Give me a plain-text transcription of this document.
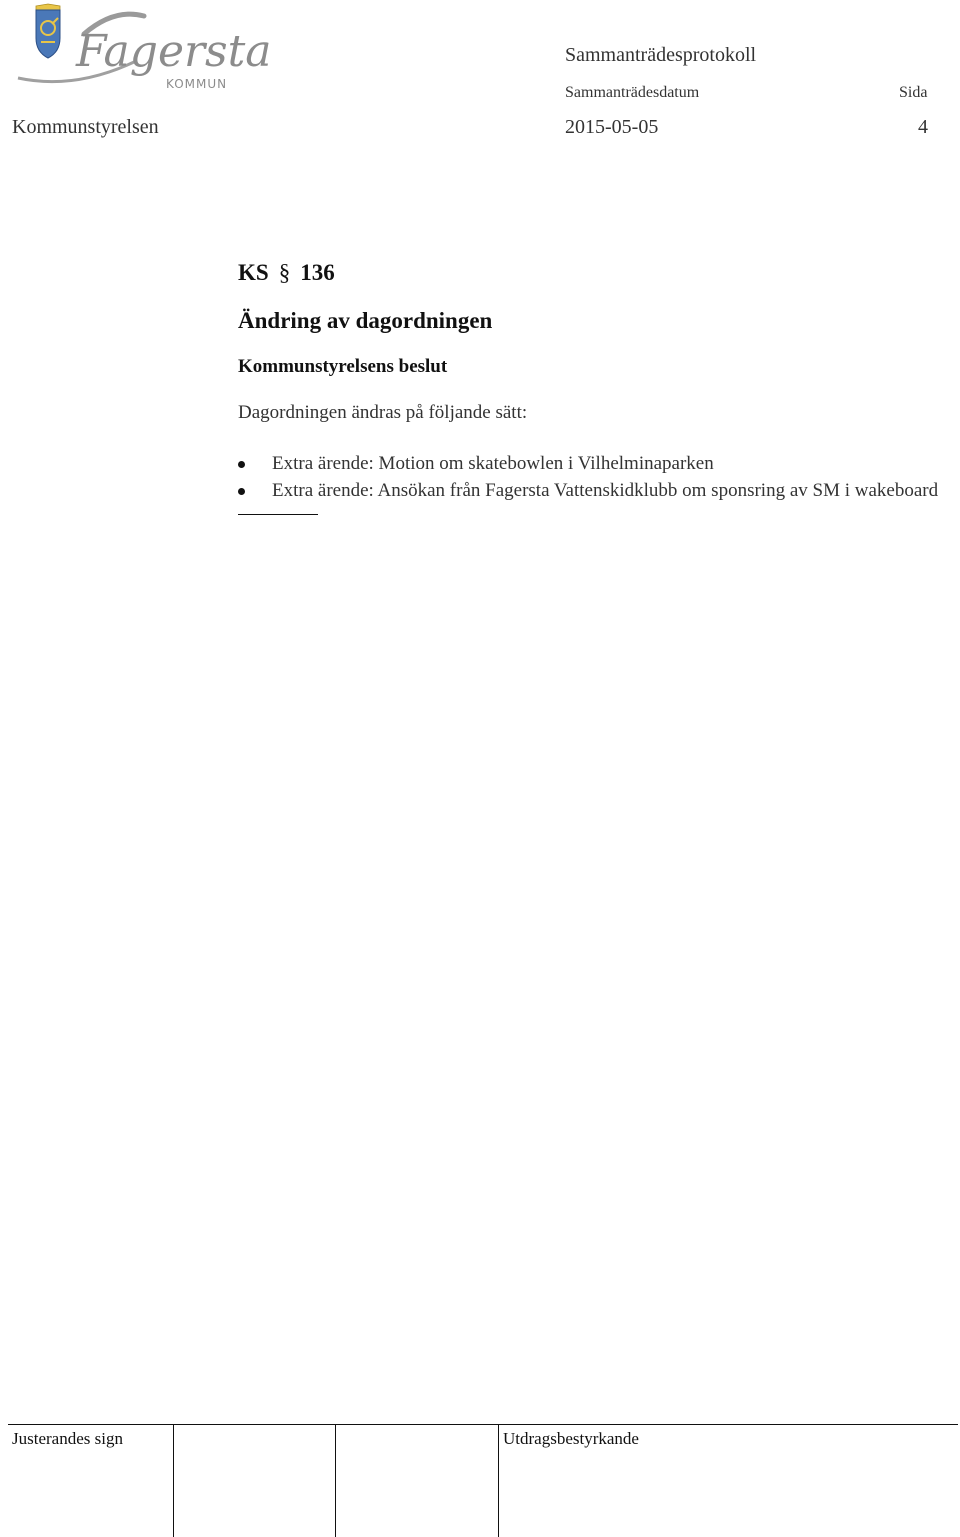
Fagersta
KOMMUN
Sammanträdesprotokoll
Sammanträdesdatum	Sida
Kommunstyrelsen	2015-05-05	4
KS § 136
Ändring av dagordningen
Kommunstyrelsens beslut
Dagordningen ändras på följande sätt:
Extra ärende: Motion om skatebowlen i Vilhelminaparken
Extra ärende: Ansökan från Fagersta Vattenskidklubb om sponsring av SM i wakeboard
Justerandes sign	Utdragsbestyrkande
